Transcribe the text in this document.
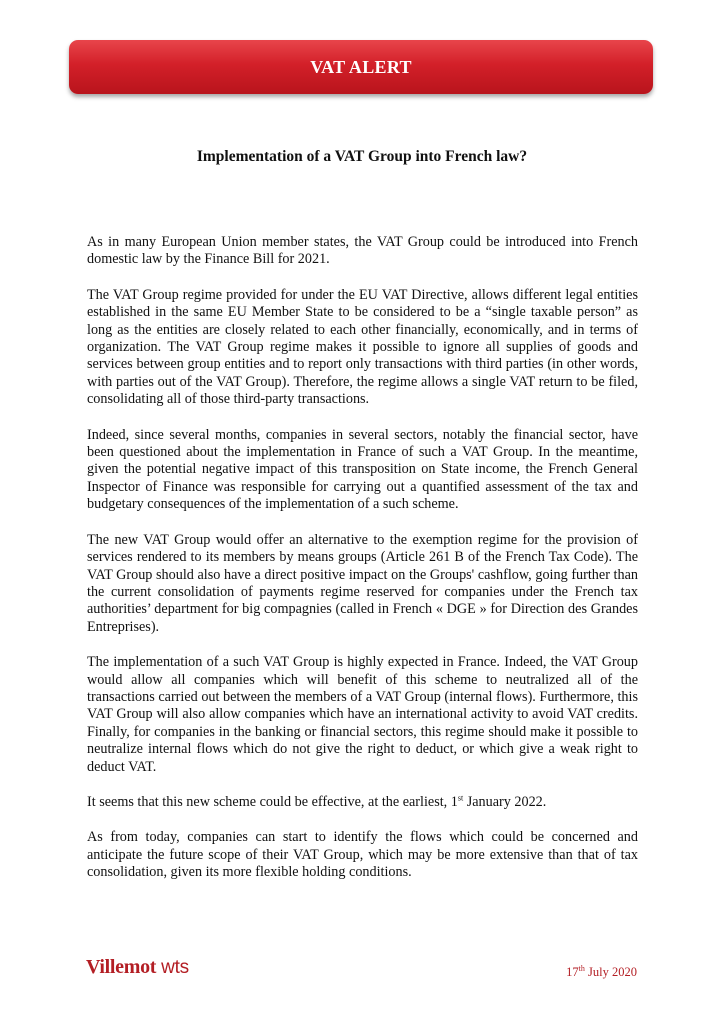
VAT ALERT
Implementation of a VAT Group into French law?

As in many European Union member states, the VAT Group could be introduced into French domestic law by the Finance Bill for 2021.

The VAT Group regime provided for under the EU VAT Directive, allows different legal entities established in the same EU Member State to be considered to be a “single taxable person” as long as the entities are closely related to each other financially, economically, and in terms of organization. The VAT Group regime makes it possible to ignore all supplies of goods and services between group entities and to report only transactions with third parties (in other words, with parties out of the VAT Group). Therefore, the regime allows a single VAT return to be filed, consolidating all of those third-party transactions.

Indeed, since several months, companies in several sectors, notably the financial sector, have been questioned about the implementation in France of such a VAT Group. In the meantime, given the potential negative impact of this transposition on State income, the French General Inspector of Finance was responsible for carrying out a quantified assessment of the tax and budgetary consequences of the implementation of a such scheme.

The new VAT Group would offer an alternative to the exemption regime for the provision of services rendered to its members by means groups (Article 261 B of the French Tax Code). The VAT Group should also have a direct positive impact on the Groups' cashflow, going further than the current consolidation of payments regime reserved for companies under the French tax authorities’ department for big compagnies (called in French « DGE » for Direction des Grandes Entreprises).

The implementation of a such VAT Group is highly expected in France. Indeed, the VAT Group would allow all companies which will benefit of this scheme to neutralized all of the transactions carried out between the members of a VAT Group (internal flows). Furthermore, this VAT Group will also allow companies which have an international activity to avoid VAT credits. Finally, for companies in the banking or financial sectors, this regime should make it possible to neutralize internal flows which do not give the right to deduct, or which give a weak right to deduct VAT.

It seems that this new scheme could be effective, at the earliest, 1st January 2022.

As from today, companies can start to identify the flows which could be concerned and anticipate the future scope of their VAT Group, which may be more extensive than that of tax consolidation, given its more flexible holding conditions.

Villemot wts	17th July 2020
